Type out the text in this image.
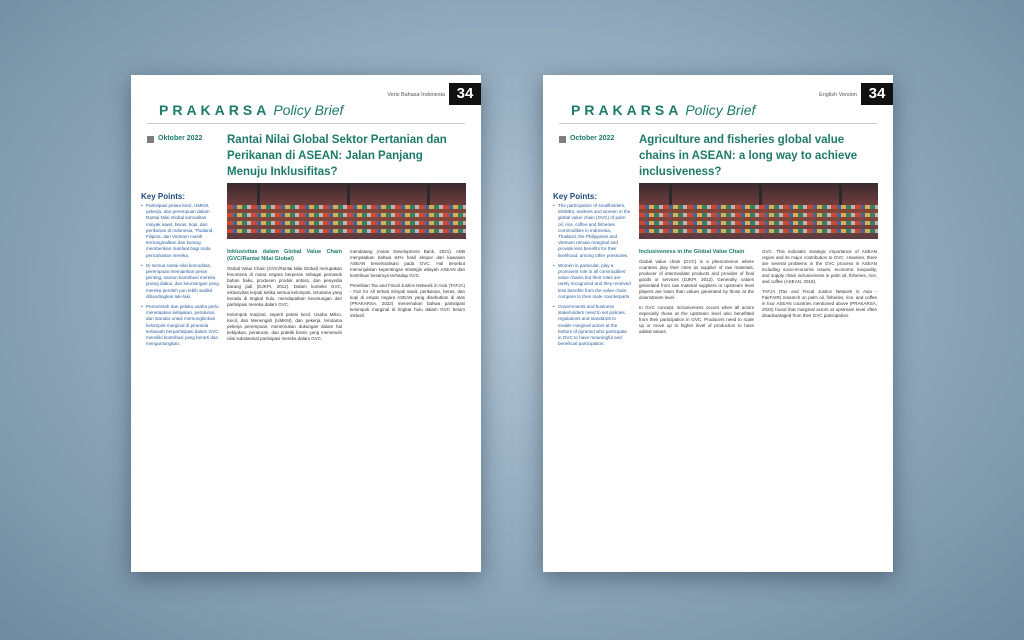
PRAKARSA Policy Brief
Versi Bahasa Indonesia 34
Oktober 2022 Rantai Nilai Global Sektor Pertanian dan Perikanan di ASEAN: Jalan Panjang Menuju Inklusifitas?
Key Points:
• Partisipasi petani kecil, UMKM, pekerja, dan perempuan dalam Rantai Nilai Global komoditas minyak sawit, beras, kopi, dan perikanan di Indonesia, Thailand, Filipina, dan Vietnam masih termarginalkan dan kurang memberikan manfaat bagi mata pencaharian mereka.
• Di semua rantai nilai komoditas, perempuan memainkan peran penting, namun kontribusi mereka jarang diakui, dan keuntungan yang mereka peroleh pun lebih sedikit dibandingkan laki-laki.
• Pemerintah dan pelaku usaha perlu menetapkan kebijakan, peraturan, dan standar untuk memungkinkan kelompok marginal di piramida terbawah berpartisipasi dalam GVC memiliki kontribusi yang berarti dan menguntungkan.
Inklusivitas dalam Global Value Chain (GVC/Rantai Nilai Global)

Global Value Chain (GVC/Rantai Nilai Global) merupakan fenomena di mana negara berperan sebagai pemasok bahan baku, produsen produk antara, dan penyedia barang jadi (DJKPI, 2012). Dalam konteks GVC, inklusivitas terjadi ketika semua kelompok, terutama yang berada di tingkat hulu, mendapatkan keuntungan dari partisipasi mereka dalam GVC.

Kelompok marjinal, seperti petani kecil, Usaha Mikro, Kecil, dan Menengah (UMKM), dan pekerja, terutama pekerja perempuan, menemukan dukungan dalam hal kebijakan, peraturan, dan praktik bisnis yang memenuhi nilai substansial partisipasi mereka dalam GVC.

mendatang (Asian Development Bank, 2021). ADB menyatakan bahwa 64% hasil ekspor dari kawasan ASEAN tersentralisasi pada GVC. Hal tersebut menunjukkan kepentingan strategis wilayah ASEAN dan kontribusi besarnya terhadap GVC.

Penelitian Tax and Fiscal Justice Network in Asia (TAFJA) - Fair for All terkait minyak sawit, perikanan, beras, dan kopi di empat negara ASEAN yang disebutkan di atas (PRAKARSA, 2022) menemukan bahwa partisipasi kelompok marginal di tingkat hulu dalam GVC belum inklusif.

PRAKARSA Policy Brief
English Version 34
October 2022 Agriculture and fisheries global value chains in ASEAN: a long way to achieve inclusiveness?
Key Points:
• The participation of smallholders, MSMEs, workers and women in the global value chain (GVC) of palm oil, rice, coffee and fisheries commodities in Indonesia, Thailand, the Philippines and Vietnam remain marginal and provide less benefits for their livelihood, among other pressures.
• Women in particular, play a prominent role in all commodities' value chains but their roles are rarely recognized and they received less benefits from the value chain compare to their male counterparts.
• Governments and business stakeholders need to set policies, regulations and standards to enable marginal actors at the bottom of pyramid who participate in GVC to have meaningful and beneficial participation.
Inclusiveness in the Global Value Chain

Global value chain (GVC) is a phenomenon where countries play their roles as supplier of raw materials, producer of intermediate products and provider of final goods or services (DJKPI, 2012). Generally, values generated from raw material suppliers or upstream level players are lower than values generated by those at the downstream level.

In GVC concept, inclusiveness occurs when all actors especially those at the upstream level also benefitted from their participation in GVC. Producers need to scale up or move up to higher level of production to have added values.

GVC. This indicates strategic importance of ASEAN region and its major contribution to GVC. However, there are several problems in the GVC process in ASEAN including socio-economic issues, economic inequality, and supply chain inclusiveness in palm oil, fisheries, rice, and coffee (ASEAN, 2019).

TAFJA (Tax and Fiscal Justice Network in Asia - FairFAIR) research on palm oil, fisheries, rice, and coffee in four ASEAN countries mentioned above (PRAKARSA, 2022) found that marginal actors at upstream level often disadvantaged from their GVC participation.
